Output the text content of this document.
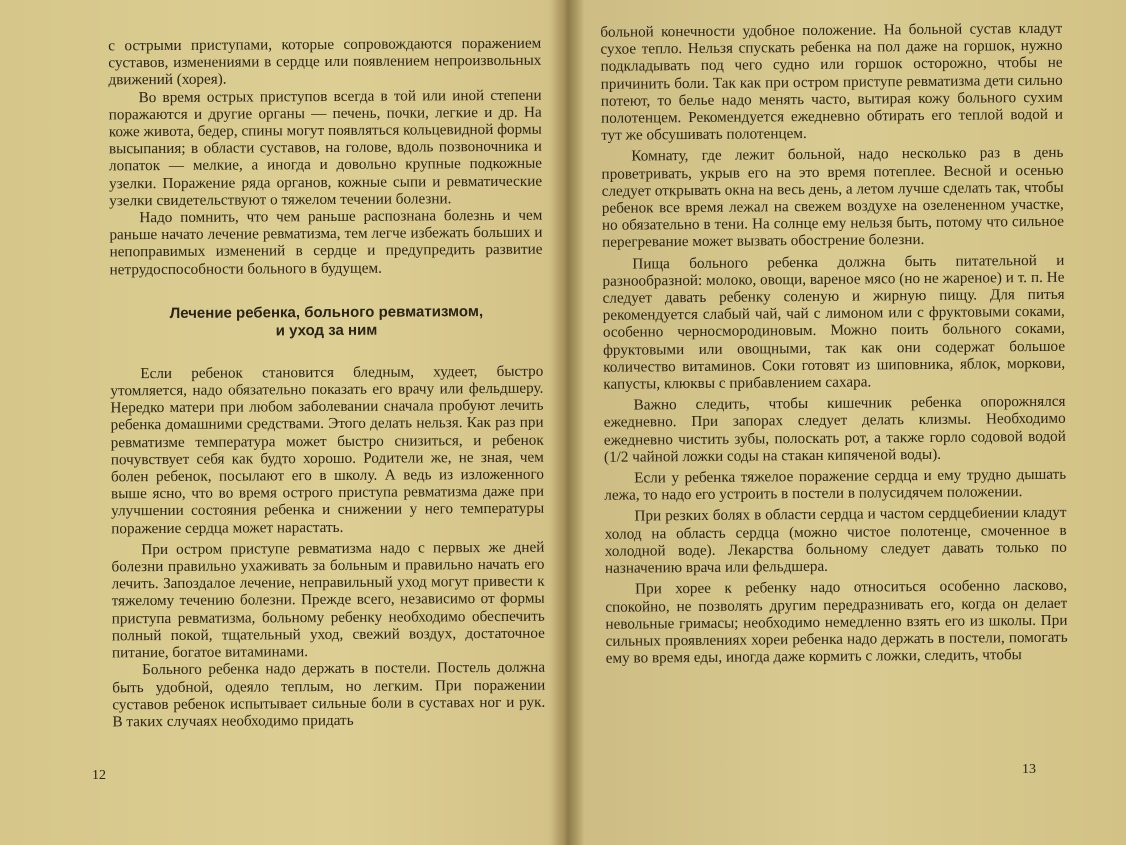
с острыми приступами, которые сопровождаются поражением суставов, изменениями в сердце или появлением непроизвольных движений (хорея).

Во время острых приступов всегда в той или иной степени поражаются и другие органы — печень, почки, легкие и др. На коже живота, бедер, спины могут появляться кольцевидной формы высыпания; в области суставов, на голове, вдоль позвоночника и лопаток — мелкие, а иногда и довольно крупные подкожные узелки. Поражение ряда органов, кожные сыпи и ревматические узелки свидетельствуют о тяжелом течении болезни.

Надо помнить, что чем раньше распознана болезнь и чем раньше начато лечение ревматизма, тем легче избежать больших и непоправимых изменений в сердце и предупредить развитие нетрудоспособности больного в будущем.

Лечение ребенка, больного ревматизмом,
и уход за ним

Если ребенок становится бледным, худеет, быстро утомляется, надо обязательно показать его врачу или фельдшеру. Нередко матери при любом заболевании сначала пробуют лечить ребенка домашними средствами. Этого делать нельзя. Как раз при ревматизме температура может быстро снизиться, и ребенок почувствует себя как будто хорошо. Родители же, не зная, чем болен ребенок, посылают его в школу. А ведь из изложенного выше ясно, что во время острого приступа ревматизма даже при улучшении состояния ребенка и снижении у него температуры поражение сердца может нарастать.

При остром приступе ревматизма надо с первых же дней болезни правильно ухаживать за больным и правильно начать его лечить. Запоздалое лечение, неправильный уход могут привести к тяжелому течению болезни. Прежде всего, независимо от формы приступа ревматизма, больному ребенку необходимо обеспечить полный покой, тщательный уход, свежий воздух, достаточное питание, богатое витаминами.

Больного ребенка надо держать в постели. Постель должна быть удобной, одеяло теплым, но легким. При поражении суставов ребенок испытывает сильные боли в суставах ног и рук. В таких случаях необходимо придать

12

больной конечности удобное положение. На больной сустав кладут сухое тепло. Нельзя спускать ребенка на пол даже на горшок, нужно подкладывать под чего судно или горшок осторожно, чтобы не причинить боли. Так как при остром приступе ревматизма дети сильно потеют, то белье надо менять часто, вытирая кожу больного сухим полотенцем. Рекомендуется ежедневно обтирать его теплой водой и тут же обсушивать полотенцем.

Комнату, где лежит больной, надо несколько раз в день проветривать, укрыв его на это время потеплее. Весной и осенью следует открывать окна на весь день, а летом лучше сделать так, чтобы ребенок все время лежал на свежем воздухе на озелененном участке, но обязательно в тени. На солнце ему нельзя быть, потому что сильное перегревание может вызвать обострение болезни.

Пища больного ребенка должна быть питательной и разнообразной: молоко, овощи, вареное мясо (но не жареное) и т. п. Не следует давать ребенку соленую и жирную пищу. Для питья рекомендуется слабый чай, чай с лимоном или с фруктовыми соками, особенно черносмородиновым. Можно поить больного соками, фруктовыми или овощными, так как они содержат большое количество витаминов. Соки готовят из шиповника, яблок, моркови, капусты, клюквы с прибавлением сахара.

Важно следить, чтобы кишечник ребенка опорожнялся ежедневно. При запорах следует делать клизмы. Необходимо ежедневно чистить зубы, полоскать рот, а также горло содовой водой (1/2 чайной ложки соды на стакан кипяченой воды).

Если у ребенка тяжелое поражение сердца и ему трудно дышать лежа, то надо его устроить в постели в полусидячем положении.

При резких болях в области сердца и частом сердцебиении кладут холод на область сердца (можно чистое полотенце, смоченное в холодной воде). Лекарства больному следует давать только по назначению врача или фельдшера.

При хорее к ребенку надо относиться особенно ласково, спокойно, не позволять другим передразнивать его, когда он делает невольные гримасы; необходимо немедленно взять его из школы. При сильных проявлениях хореи ребенка надо держать в постели, помогать ему во время еды, иногда даже кормить с ложки, следить, чтобы

13
